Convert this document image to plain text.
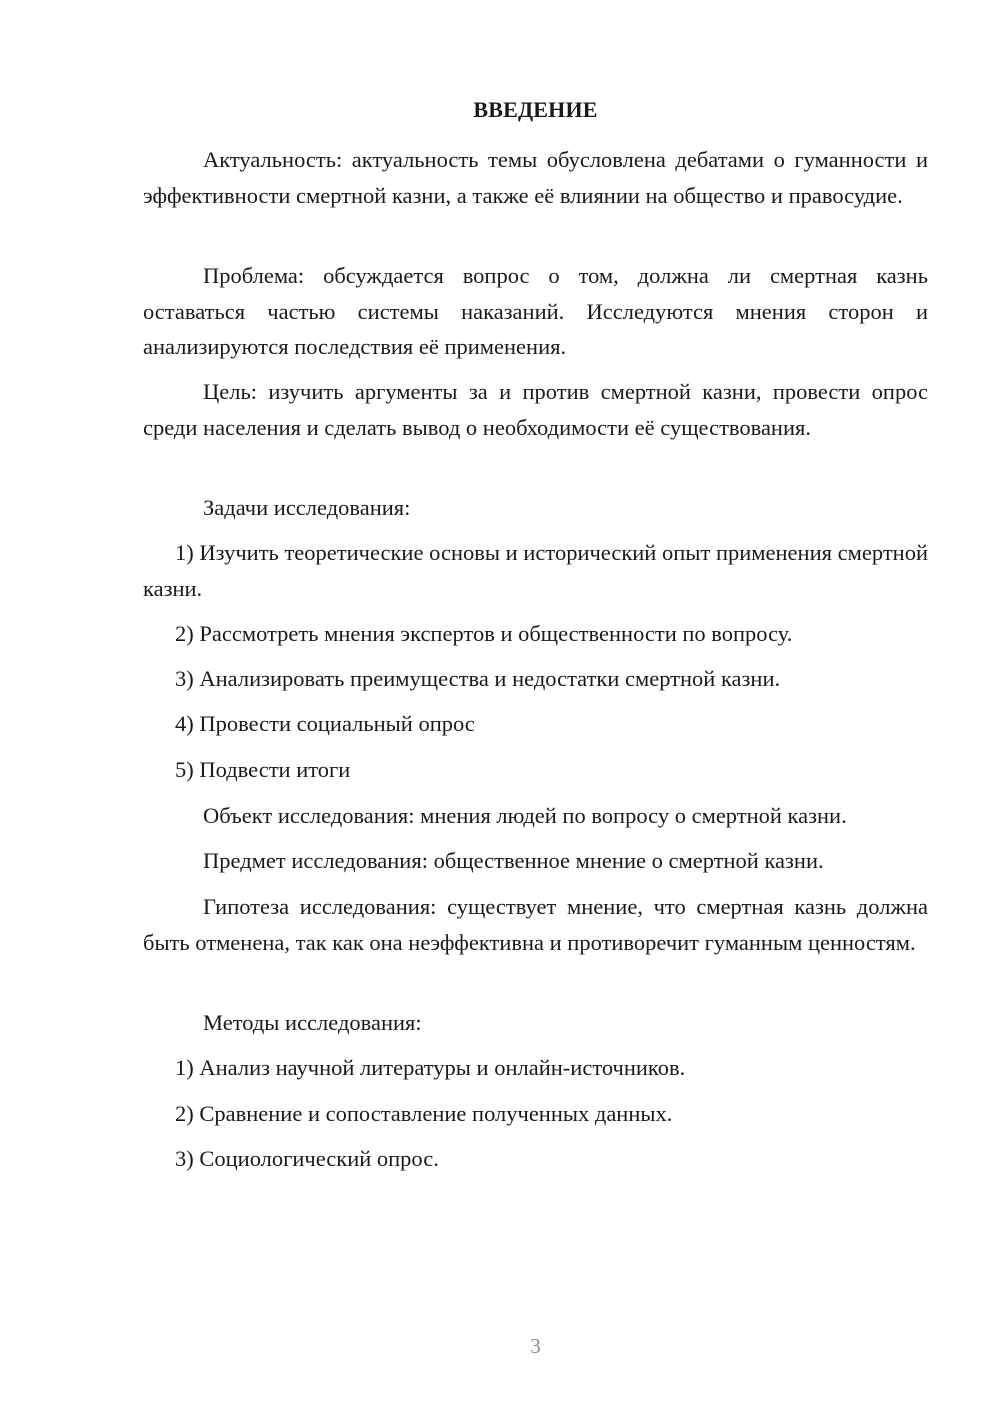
ВВЕДЕНИЕ

Актуальность: актуальность темы обусловлена дебатами о гуманности и эффективности смертной казни, а также её влиянии на общество и правосудие.

Проблема: обсуждается вопрос о том, должна ли смертная казнь оставаться частью системы наказаний. Исследуются мнения сторон и анализируются последствия её применения.

Цель: изучить аргументы за и против смертной казни, провести опрос среди населения и сделать вывод о необходимости её существования.

Задачи исследования:

1) Изучить теоретические основы и исторический опыт применения смертной казни.

2) Рассмотреть мнения экспертов и общественности по вопросу.

3) Анализировать преимущества и недостатки смертной казни.

4) Провести социальный опрос

5) Подвести итоги

Объект исследования: мнения людей по вопросу о смертной казни.

Предмет исследования: общественное мнение о смертной казни.

Гипотеза исследования: существует мнение, что смертная казнь должна быть отменена, так как она неэффективна и противоречит гуманным ценностям.

Методы исследования:

1) Анализ научной литературы и онлайн-источников.

2) Сравнение и сопоставление полученных данных.

3) Социологический опрос.

3
